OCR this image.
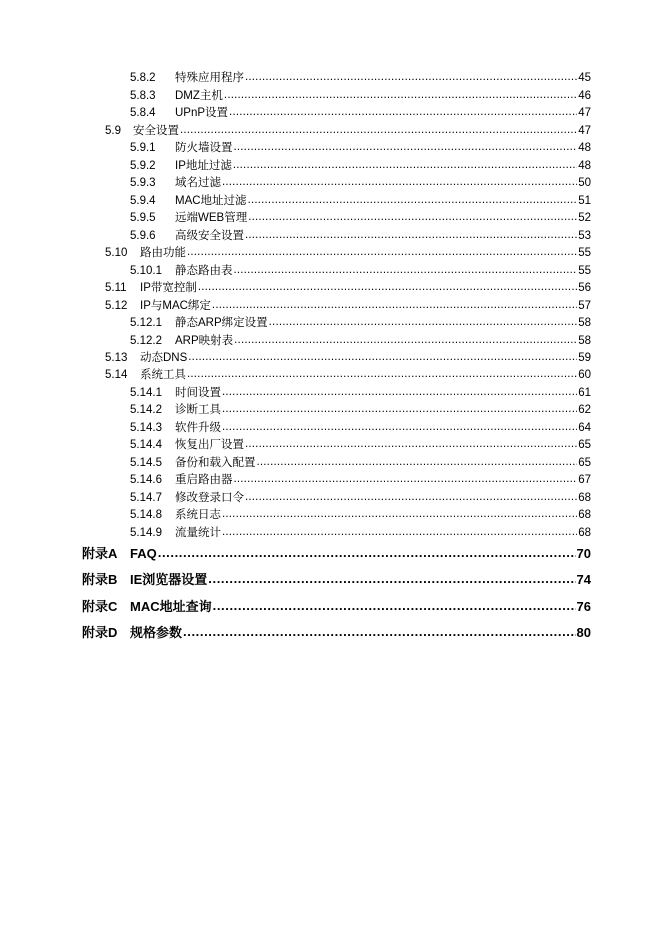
5.8.2	特殊应用程序 .....	45
5.8.3	DMZ主机 .....	46
5.8.4	UPnP设置 .....	47
5.9	安全设置 .....	47
5.9.1	防火墙设置 .....	48
5.9.2	IP地址过滤 .....	48
5.9.3	域名过滤 .....	50
5.9.4	MAC地址过滤 .....	51
5.9.5	远端WEB管理 .....	52
5.9.6	高级安全设置 .....	53
5.10	路由功能 .....	55
5.10.1	静态路由表 .....	55
5.11	IP带宽控制 .....	56
5.12	IP与MAC绑定 .....	57
5.12.1	静态ARP绑定设置 .....	58
5.12.2	ARP映射表 .....	58
5.13	动态DNS .....	59
5.14	系统工具 .....	60
5.14.1	时间设置 .....	61
5.14.2	诊断工具 .....	62
5.14.3	软件升级 .....	64
5.14.4	恢复出厂设置 .....	65
5.14.5	备份和载入配置 .....	65
5.14.6	重启路由器 .....	67
5.14.7	修改登录口令 .....	68
5.14.8	系统日志 .....	68
5.14.9	流量统计 .....	68
附录A FAQ .....	70
附录B IE浏览器设置 .....	74
附录C MAC地址查询 .....	76
附录D 规格参数 .....	80
